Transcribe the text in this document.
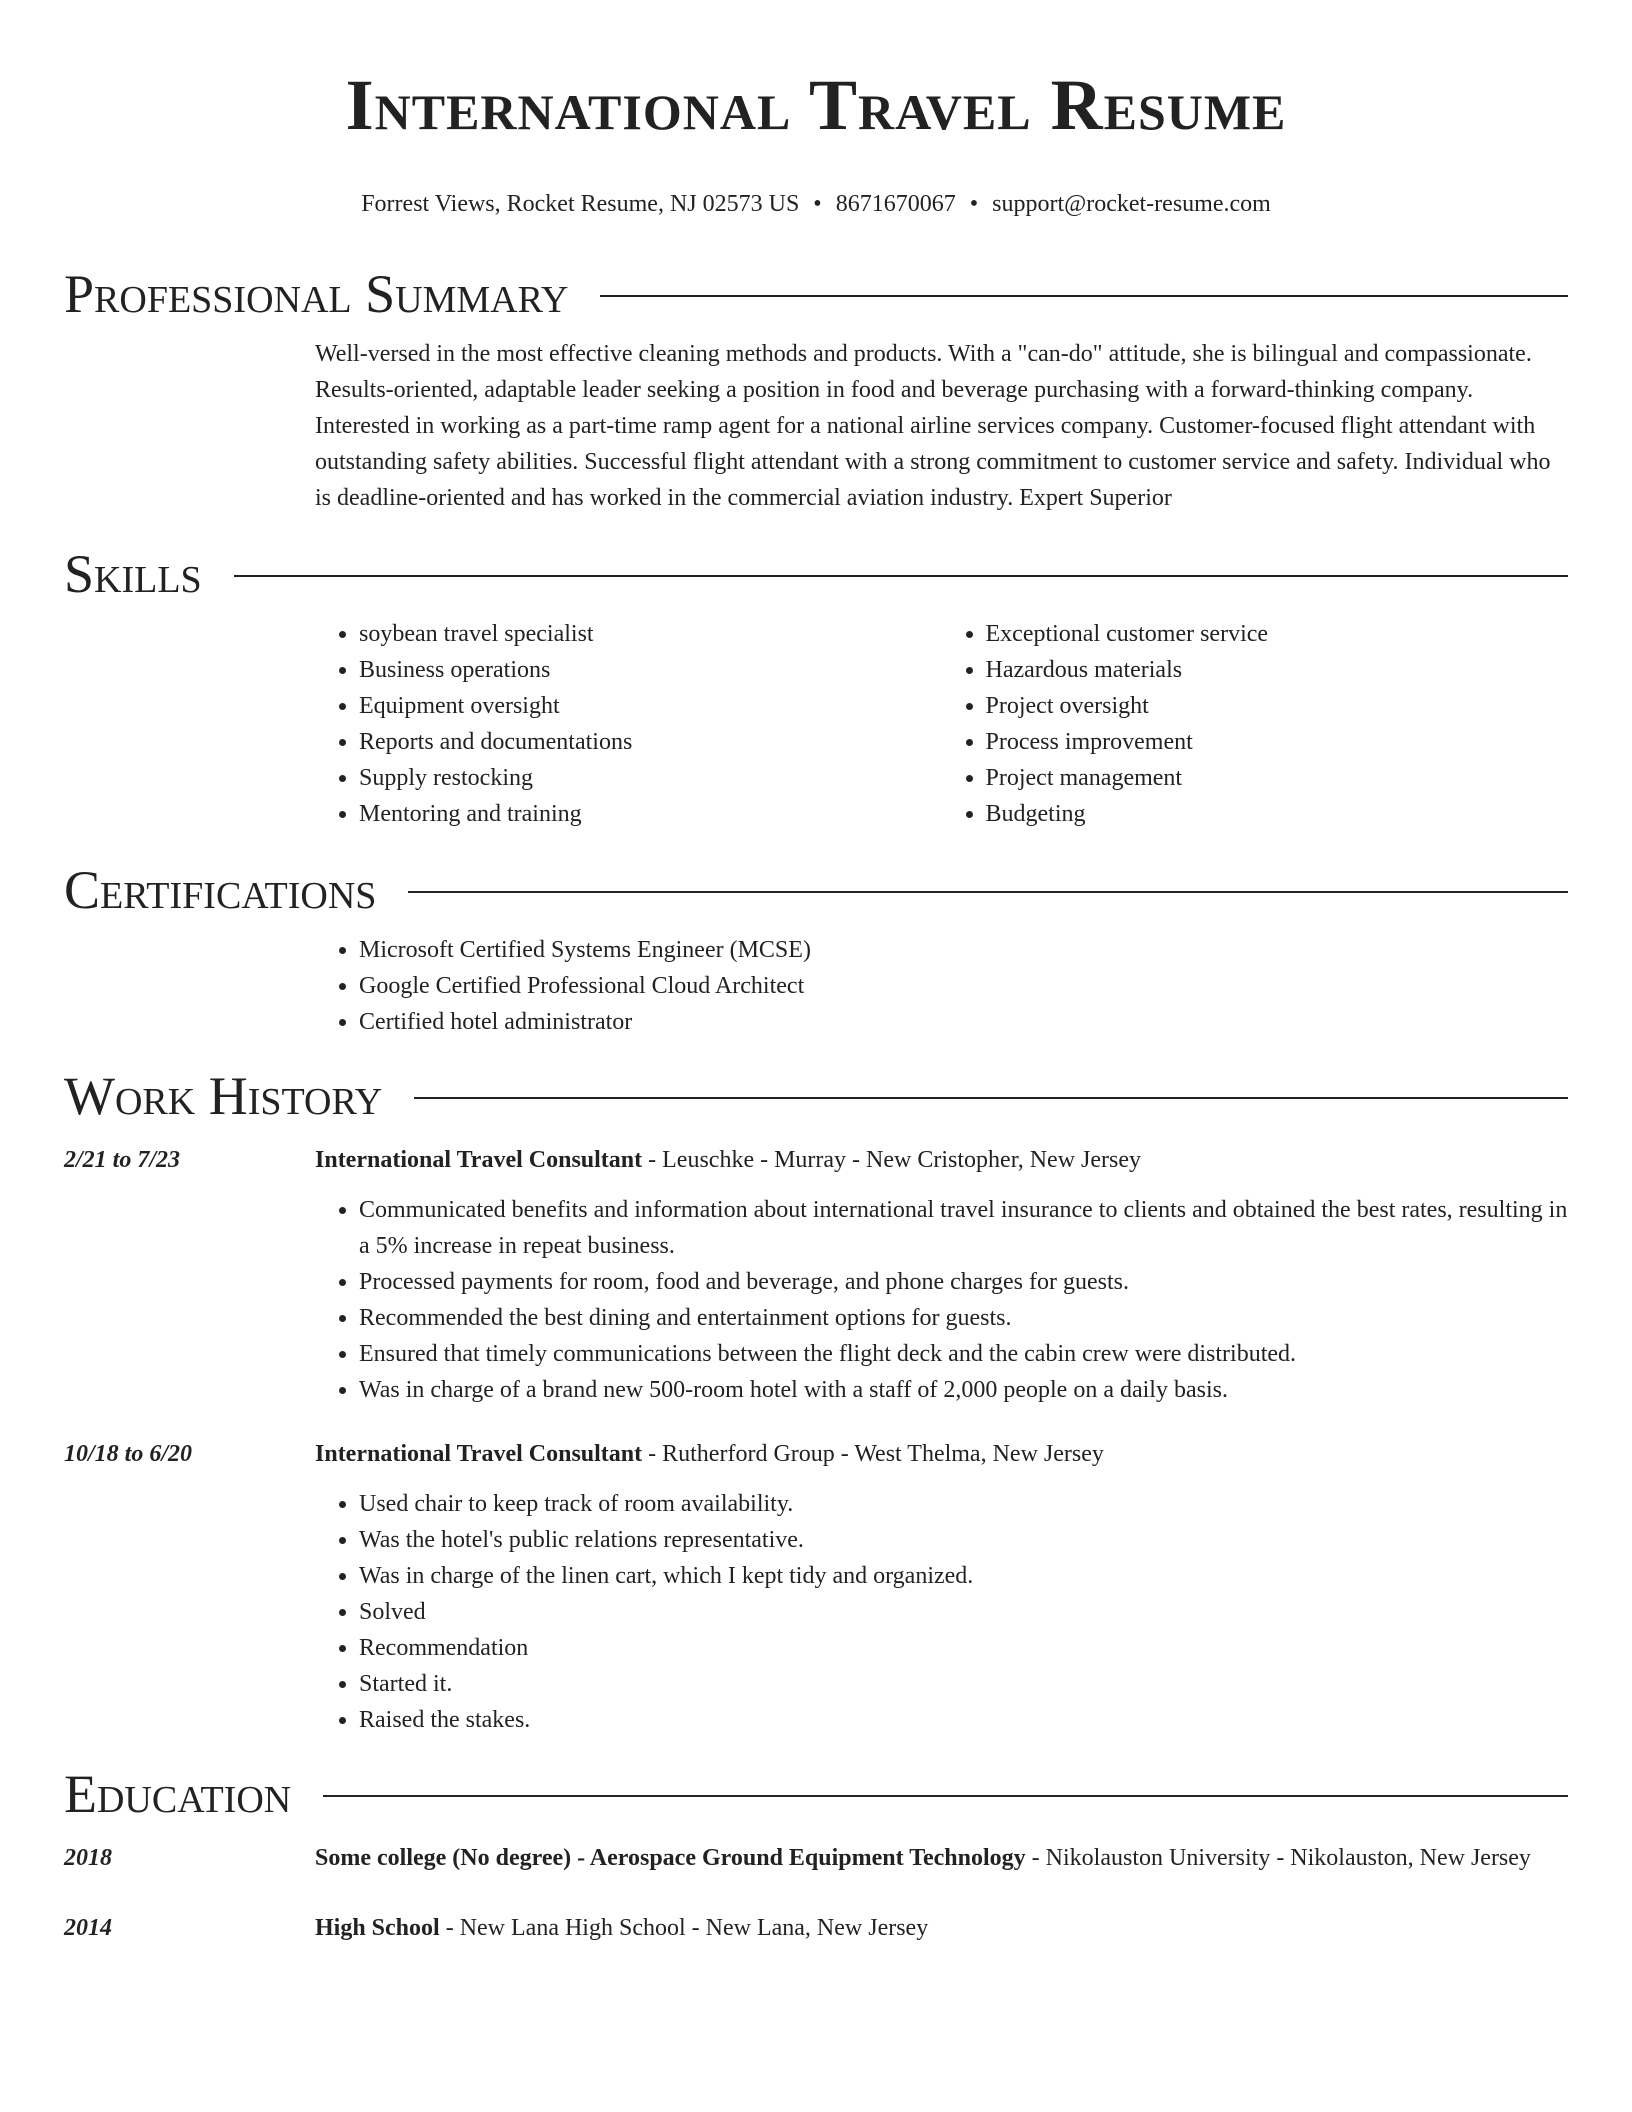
International Travel Resume
Forrest Views, Rocket Resume, NJ 02573 US • 8671670067 • support@rocket-resume.com
Professional Summary

Well-versed in the most effective cleaning methods and products. With a "can-do" attitude, she is bilingual and compassionate. Results-oriented, adaptable leader seeking a position in food and beverage purchasing with a forward-thinking company. Interested in working as a part-time ramp agent for a national airline services company. Customer-focused flight attendant with outstanding safety abilities. Successful flight attendant with a strong commitment to customer service and safety. Individual who is deadline-oriented and has worked in the commercial aviation industry. Expert Superior

Skills
• soybean travel specialist
• Business operations
• Equipment oversight
• Reports and documentations
• Supply restocking
• Mentoring and training
• Exceptional customer service
• Hazardous materials
• Project oversight
• Process improvement
• Project management
• Budgeting
Certifications
• Microsoft Certified Systems Engineer (MCSE)
• Google Certified Professional Cloud Architect
• Certified hotel administrator
Work History
2/21 to 7/23	International Travel Consultant - Leuschke - Murray - New Cristopher, New Jersey
• Communicated benefits and information about international travel insurance to clients and obtained the best rates, resulting in a 5% increase in repeat business.
• Processed payments for room, food and beverage, and phone charges for guests.
• Recommended the best dining and entertainment options for guests.
• Ensured that timely communications between the flight deck and the cabin crew were distributed.
• Was in charge of a brand new 500-room hotel with a staff of 2,000 people on a daily basis.
10/18 to 6/20	International Travel Consultant - Rutherford Group - West Thelma, New Jersey
• Used chair to keep track of room availability.
• Was the hotel's public relations representative.
• Was in charge of the linen cart, which I kept tidy and organized.
• Solved
• Recommendation
• Started it.
• Raised the stakes.
Education
2018	Some college (No degree) - Aerospace Ground Equipment Technology - Nikolauston University - Nikolauston, New Jersey
2014	High School - New Lana High School - New Lana, New Jersey
